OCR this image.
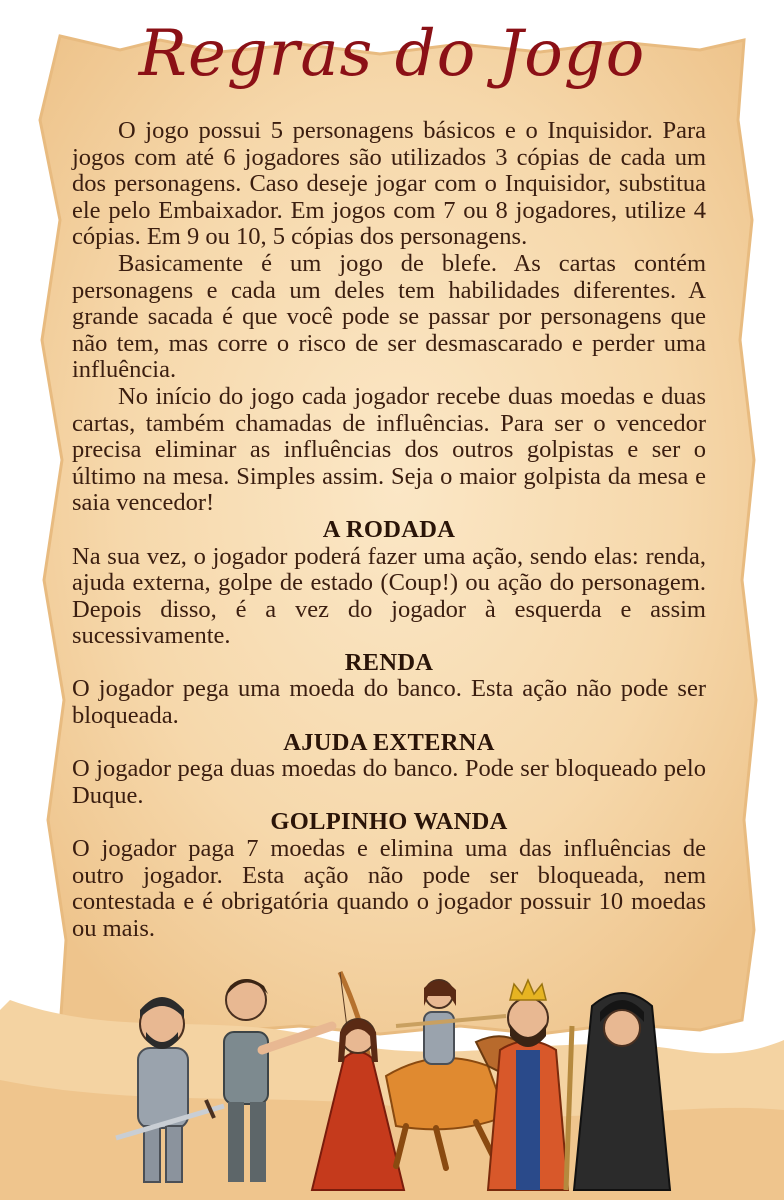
Regras do Jogo

O jogo possui 5 personagens básicos e o Inquisidor. Para jogos com até 6 jogadores são utilizados 3 cópias de cada um dos personagens. Caso deseje jogar com o Inquisidor, substitua ele pelo Embaixador. Em jogos com 7 ou 8 jogadores, utilize 4 cópias. Em 9 ou 10, 5 cópias dos personagens.

Basicamente é um jogo de blefe. As cartas contém personagens e cada um deles tem habilidades diferentes. A grande sacada é que você pode se passar por personagens que não tem, mas corre o risco de ser desmascarado e perder uma influência.

No início do jogo cada jogador recebe duas moedas e duas cartas, também chamadas de influências. Para ser o vencedor precisa eliminar as influências dos outros golpistas e ser o último na mesa. Simples assim. Seja o maior golpista da mesa e saia vencedor!

A RODADA

Na sua vez, o jogador poderá fazer uma ação, sendo elas: renda, ajuda externa, golpe de estado (Coup!) ou ação do personagem. Depois disso, é a vez do jogador à esquerda e assim sucessivamente.

RENDA

O jogador pega uma moeda do banco. Esta ação não pode ser bloqueada.

AJUDA EXTERNA

O jogador pega duas moedas do banco. Pode ser bloqueado pelo Duque.

GOLPINHO WANDA

O jogador paga 7 moedas e elimina uma das influências de outro jogador. Esta ação não pode ser bloqueada, nem contestada e é obrigatória quando o jogador possuir 10 moedas ou mais.
